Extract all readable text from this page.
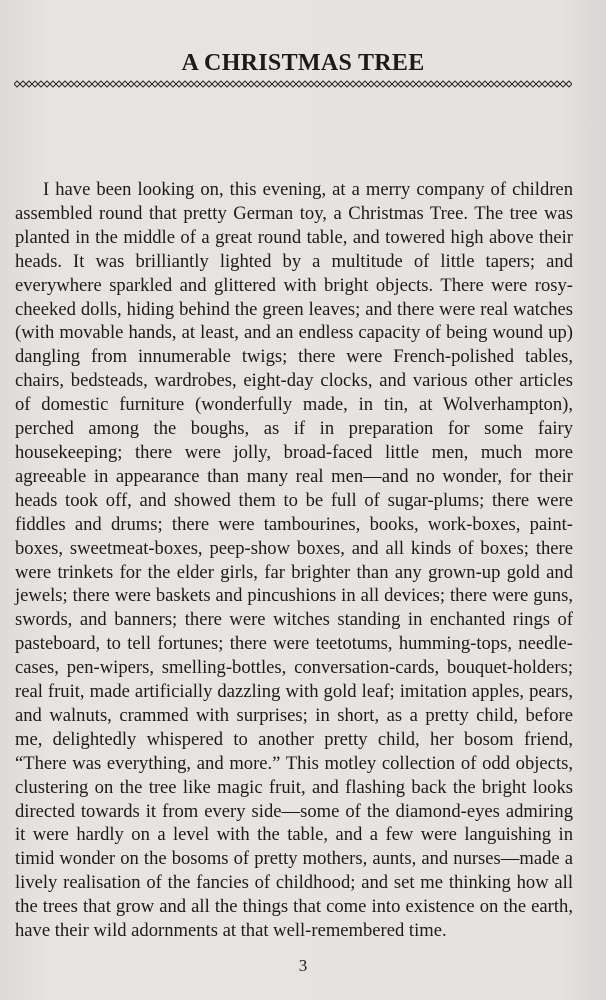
A CHRISTMAS TREE

I have been looking on, this evening, at a merry company of children assembled round that pretty German toy, a Christmas Tree. The tree was planted in the middle of a great round table, and towered high above their heads. It was brilliantly lighted by a multitude of little tapers; and everywhere sparkled and glittered with bright objects. There were rosy-cheeked dolls, hiding behind the green leaves; and there were real watches (with movable hands, at least, and an endless capacity of being wound up) dangling from innumerable twigs; there were French-polished tables, chairs, bedsteads, wardrobes, eight-day clocks, and various other articles of domestic furniture (wonderfully made, in tin, at Wolverhampton), perched among the boughs, as if in preparation for some fairy housekeeping; there were jolly, broad-faced little men, much more agreeable in appearance than many real men—and no wonder, for their heads took off, and showed them to be full of sugar-plums; there were fiddles and drums; there were tambourines, books, work-boxes, paint-boxes, sweetmeat-boxes, peep-show boxes, and all kinds of boxes; there were trinkets for the elder girls, far brighter than any grown-up gold and jewels; there were baskets and pincushions in all devices; there were guns, swords, and banners; there were witches standing in enchanted rings of pasteboard, to tell fortunes; there were teetotums, humming-tops, needle-cases, pen-wipers, smelling-bottles, conversation-cards, bouquet-holders; real fruit, made artificially dazzling with gold leaf; imitation apples, pears, and walnuts, crammed with surprises; in short, as a pretty child, before me, delightedly whispered to another pretty child, her bosom friend, “There was everything, and more.” This motley collection of odd objects, clustering on the tree like magic fruit, and flashing back the bright looks directed towards it from every side—some of the diamond-eyes admiring it were hardly on a level with the table, and a few were languishing in timid wonder on the bosoms of pretty mothers, aunts, and nurses—made a lively realisation of the fancies of childhood; and set me thinking how all the trees that grow and all the things that come into existence on the earth, have their wild adornments at that well-remembered time.

3
